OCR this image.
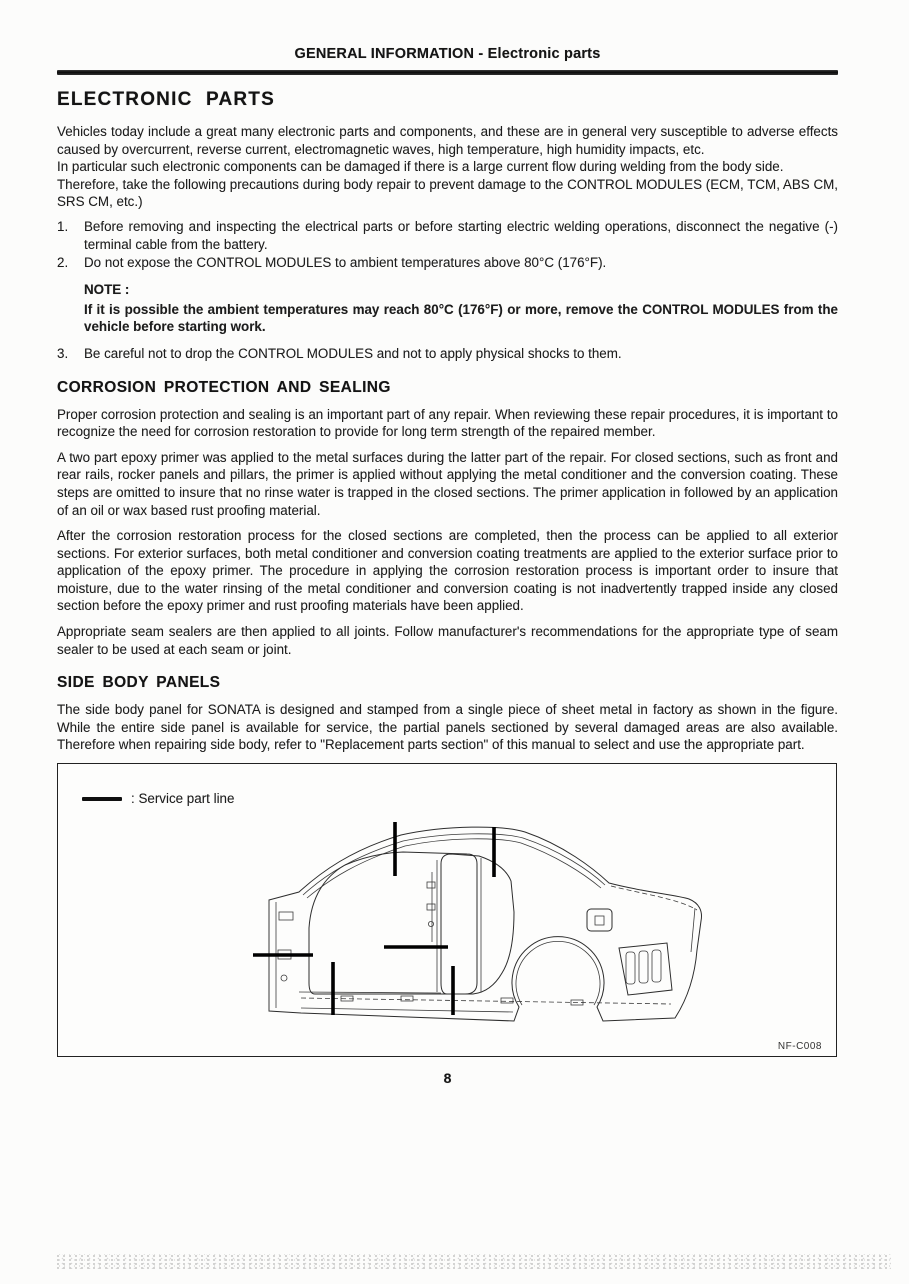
GENERAL INFORMATION - Electronic parts
ELECTRONIC PARTS

Vehicles today include a great many electronic parts and components, and these are in general very susceptible to adverse effects caused by overcurrent, reverse current, electromagnetic waves, high temperature, high humidity impacts, etc.

In particular such electronic components can be damaged if there is a large current flow during welding from the body side.

Therefore, take the following precautions during body repair to prevent damage to the CONTROL MODULES (ECM, TCM, ABS CM, SRS CM, etc.)

1.	Before removing and inspecting the electrical parts or before starting electric welding operations, disconnect the negative (-) terminal cable from the battery.
2.	Do not expose the CONTROL MODULES to ambient temperatures above 80°C (176°F).
NOTE :
If it is possible the ambient temperatures may reach 80°C (176°F) or more, remove the CONTROL MODULES from the vehicle before starting work.
3.	Be careful not to drop the CONTROL MODULES and not to apply physical shocks to them.
CORROSION PROTECTION AND SEALING

Proper corrosion protection and sealing is an important part of any repair. When reviewing these repair procedures, it is important to recognize the need for corrosion restoration to provide for long term strength of the repaired member.

A two part epoxy primer was applied to the metal surfaces during the latter part of the repair. For closed sections, such as front and rear rails, rocker panels and pillars, the primer is applied without applying the metal conditioner and the conversion coating. These steps are omitted to insure that no rinse water is trapped in the closed sections. The primer application in followed by an application of an oil or wax based rust proofing material.

After the corrosion restoration process for the closed sections are completed, then the process can be applied to all exterior sections. For exterior surfaces, both metal conditioner and conversion coating treatments are applied to the exterior surface prior to application of the epoxy primer. The procedure in applying the corrosion restoration process is important order to insure that moisture, due to the water rinsing of the metal conditioner and conversion coating is not inadvertently trapped inside any closed section before the epoxy primer and rust proofing materials have been applied.

Appropriate seam sealers are then applied to all joints. Follow manufacturer's recommendations for the appropriate type of seam sealer to be used at each seam or joint.

SIDE BODY PANELS

The side body panel for SONATA is designed and stamped from a single piece of sheet metal in factory as shown in the figure. While the entire side panel is available for service, the partial panels sectioned by several damaged areas are also available. Therefore when repairing side body, refer to "Replacement parts section" of this manual to select and use the appropriate part.

: Service part line
NF-C008
8
